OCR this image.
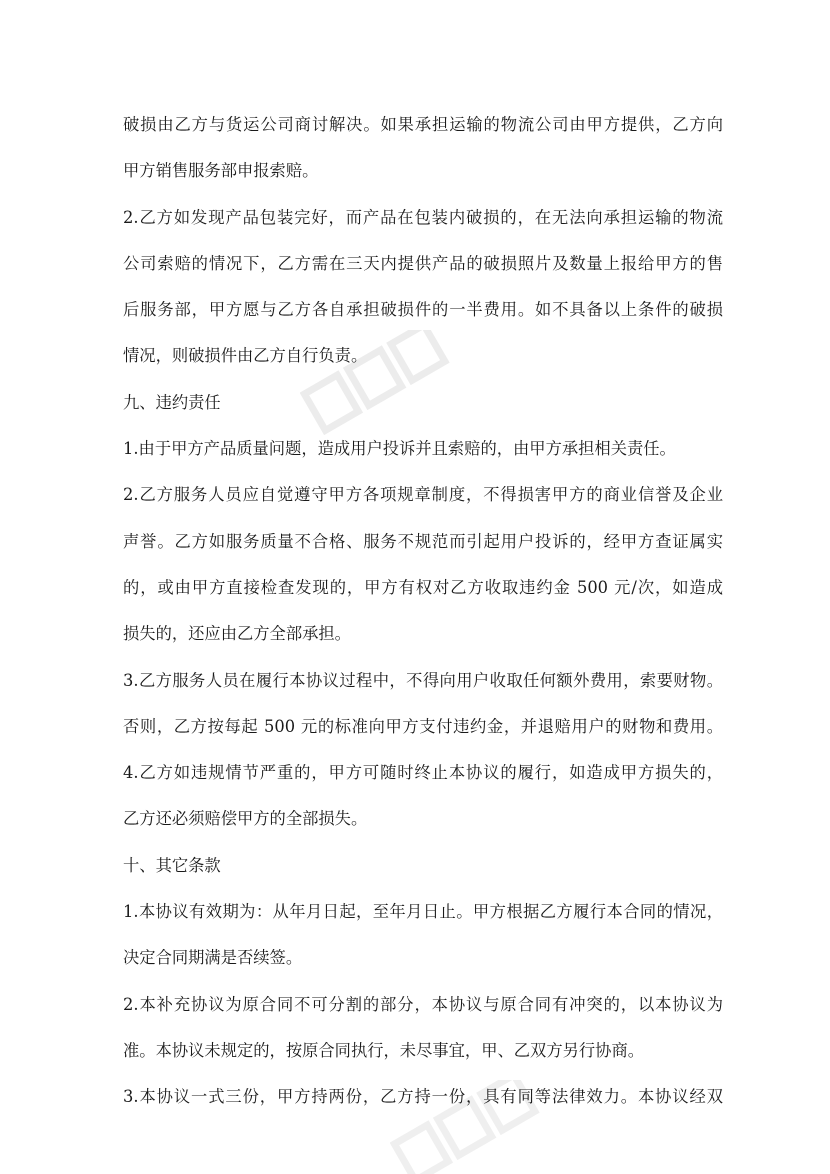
破损由乙方与货运公司商讨解决。如果承担运输的物流公司由甲方提供，乙方向
甲方销售服务部申报索赔。
2.乙方如发现产品包装完好，而产品在包装内破损的，在无法向承担运输的物流
公司索赔的情况下，乙方需在三天内提供产品的破损照片及数量上报给甲方的售
后服务部，甲方愿与乙方各自承担破损件的一半费用。如不具备以上条件的破损
情况，则破损件由乙方自行负责。
九、违约责任
1.由于甲方产品质量问题，造成用户投诉并且索赔的，由甲方承担相关责任。
2.乙方服务人员应自觉遵守甲方各项规章制度，不得损害甲方的商业信誉及企业
声誉。乙方如服务质量不合格、服务不规范而引起用户投诉的，经甲方查证属实
的，或由甲方直接检查发现的，甲方有权对乙方收取违约金 500 元/次，如造成
损失的，还应由乙方全部承担。
3.乙方服务人员在履行本协议过程中，不得向用户收取任何额外费用，索要财物。
否则，乙方按每起 500 元的标准向甲方支付违约金，并退赔用户的财物和费用。
4.乙方如违规情节严重的，甲方可随时终止本协议的履行，如造成甲方损失的，
乙方还必须赔偿甲方的全部损失。
十、其它条款
1.本协议有效期为：从年月日起，至年月日止。甲方根据乙方履行本合同的情况，
决定合同期满是否续签。
2.本补充协议为原合同不可分割的部分，本协议与原合同有冲突的，以本协议为
准。本协议未规定的，按原合同执行，未尽事宜，甲、乙双方另行协商。
3.本协议一式三份，甲方持两份，乙方持一份，具有同等法律效力。本协议经双
